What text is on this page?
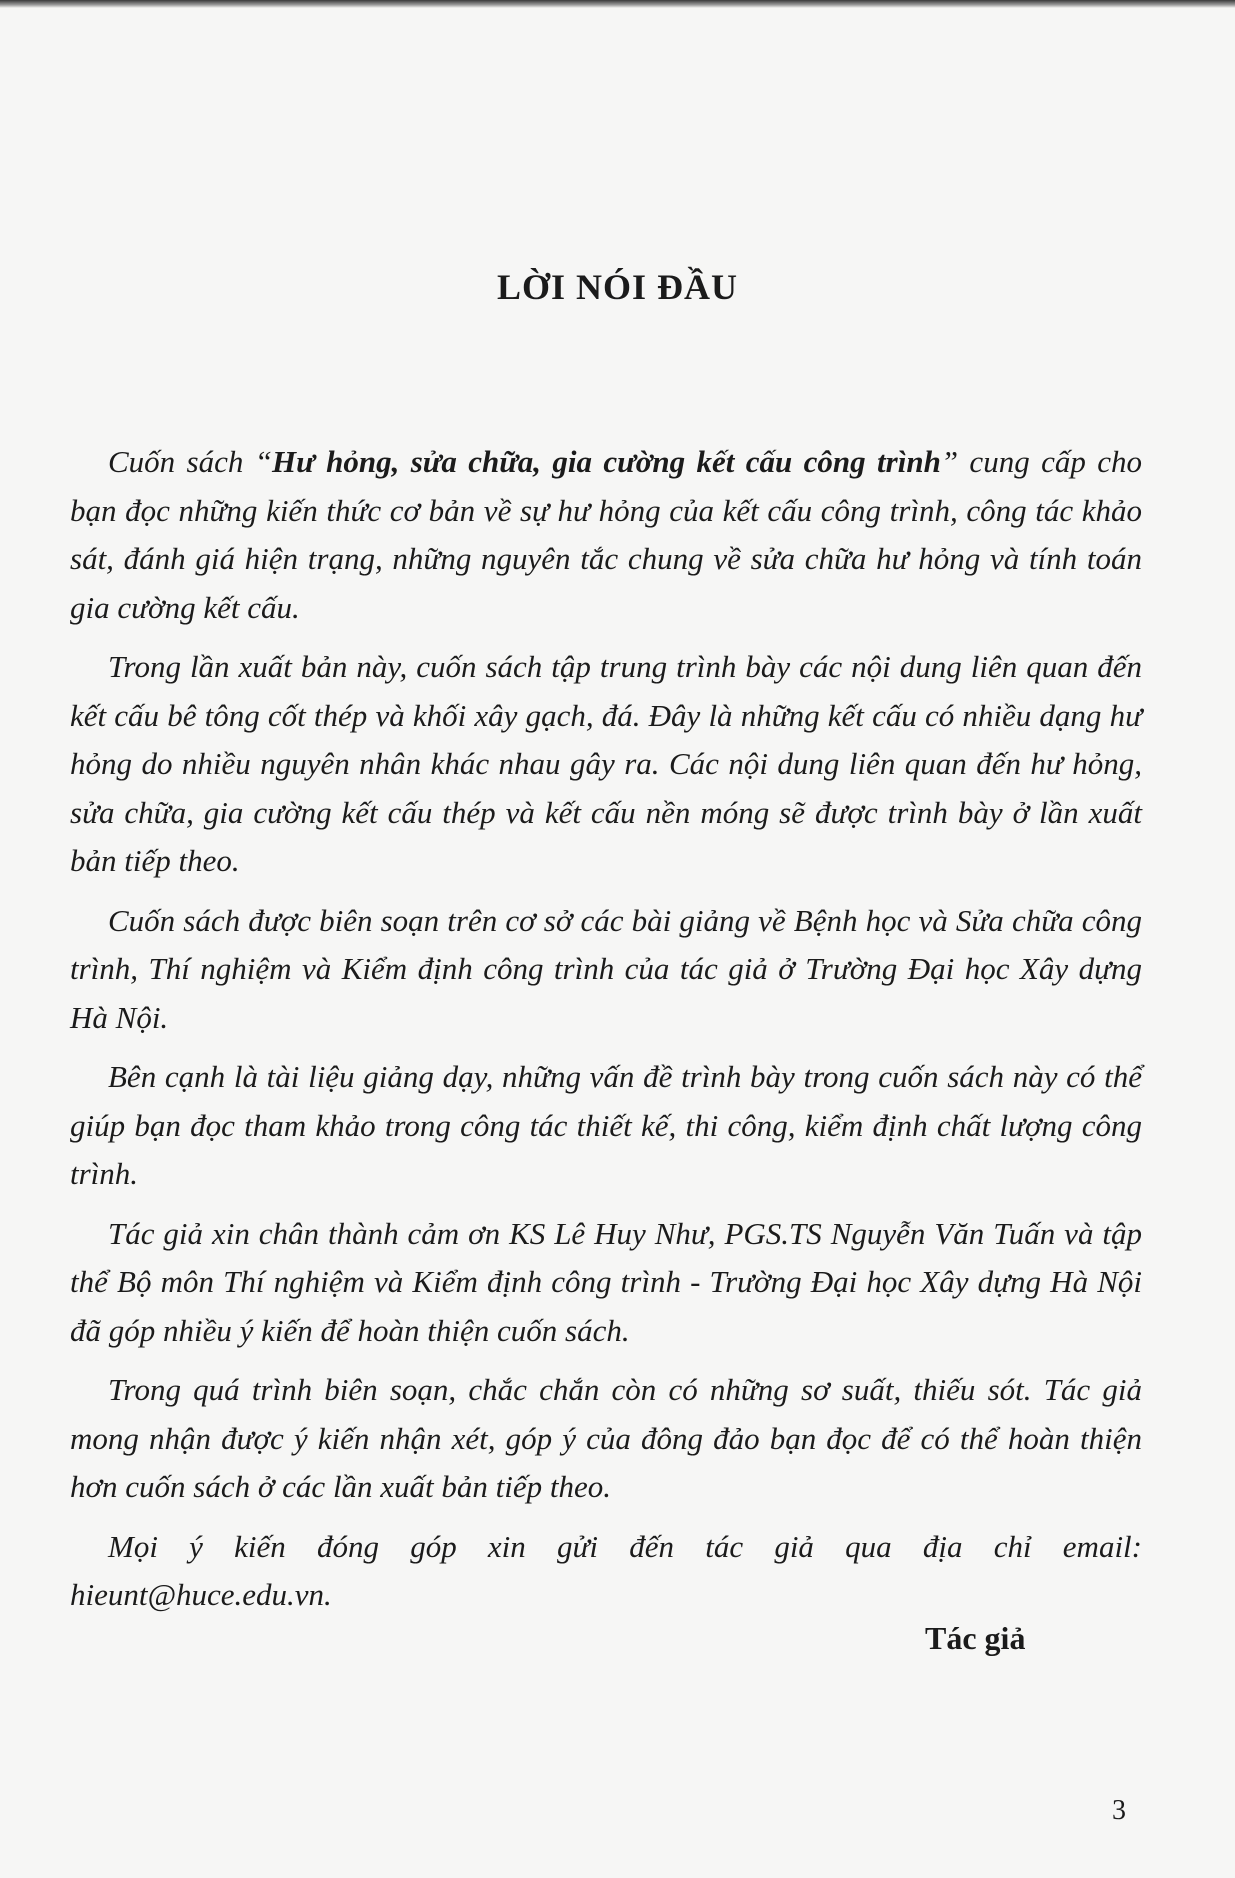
LỜI NÓI ĐẦU

Cuốn sách “Hư hỏng, sửa chữa, gia cường kết cấu công trình” cung cấp cho bạn đọc những kiến thức cơ bản về sự hư hỏng của kết cấu công trình, công tác khảo sát, đánh giá hiện trạng, những nguyên tắc chung về sửa chữa hư hỏng và tính toán gia cường kết cấu.

Trong lần xuất bản này, cuốn sách tập trung trình bày các nội dung liên quan đến kết cấu bê tông cốt thép và khối xây gạch, đá. Đây là những kết cấu có nhiều dạng hư hỏng do nhiều nguyên nhân khác nhau gây ra. Các nội dung liên quan đến hư hỏng, sửa chữa, gia cường kết cấu thép và kết cấu nền móng sẽ được trình bày ở lần xuất bản tiếp theo.

Cuốn sách được biên soạn trên cơ sở các bài giảng về Bệnh học và Sửa chữa công trình, Thí nghiệm và Kiểm định công trình của tác giả ở Trường Đại học Xây dựng Hà Nội.

Bên cạnh là tài liệu giảng dạy, những vấn đề trình bày trong cuốn sách này có thể giúp bạn đọc tham khảo trong công tác thiết kế, thi công, kiểm định chất lượng công trình.

Tác giả xin chân thành cảm ơn KS Lê Huy Như, PGS.TS Nguyễn Văn Tuấn và tập thể Bộ môn Thí nghiệm và Kiểm định công trình - Trường Đại học Xây dựng Hà Nội đã góp nhiều ý kiến để hoàn thiện cuốn sách.

Trong quá trình biên soạn, chắc chắn còn có những sơ suất, thiếu sót. Tác giả mong nhận được ý kiến nhận xét, góp ý của đông đảo bạn đọc để có thể hoàn thiện hơn cuốn sách ở các lần xuất bản tiếp theo.

Mọi ý kiến đóng góp xin gửi đến tác giả qua địa chỉ email:
hieunt@huce.edu.vn.

Tác giả
3
